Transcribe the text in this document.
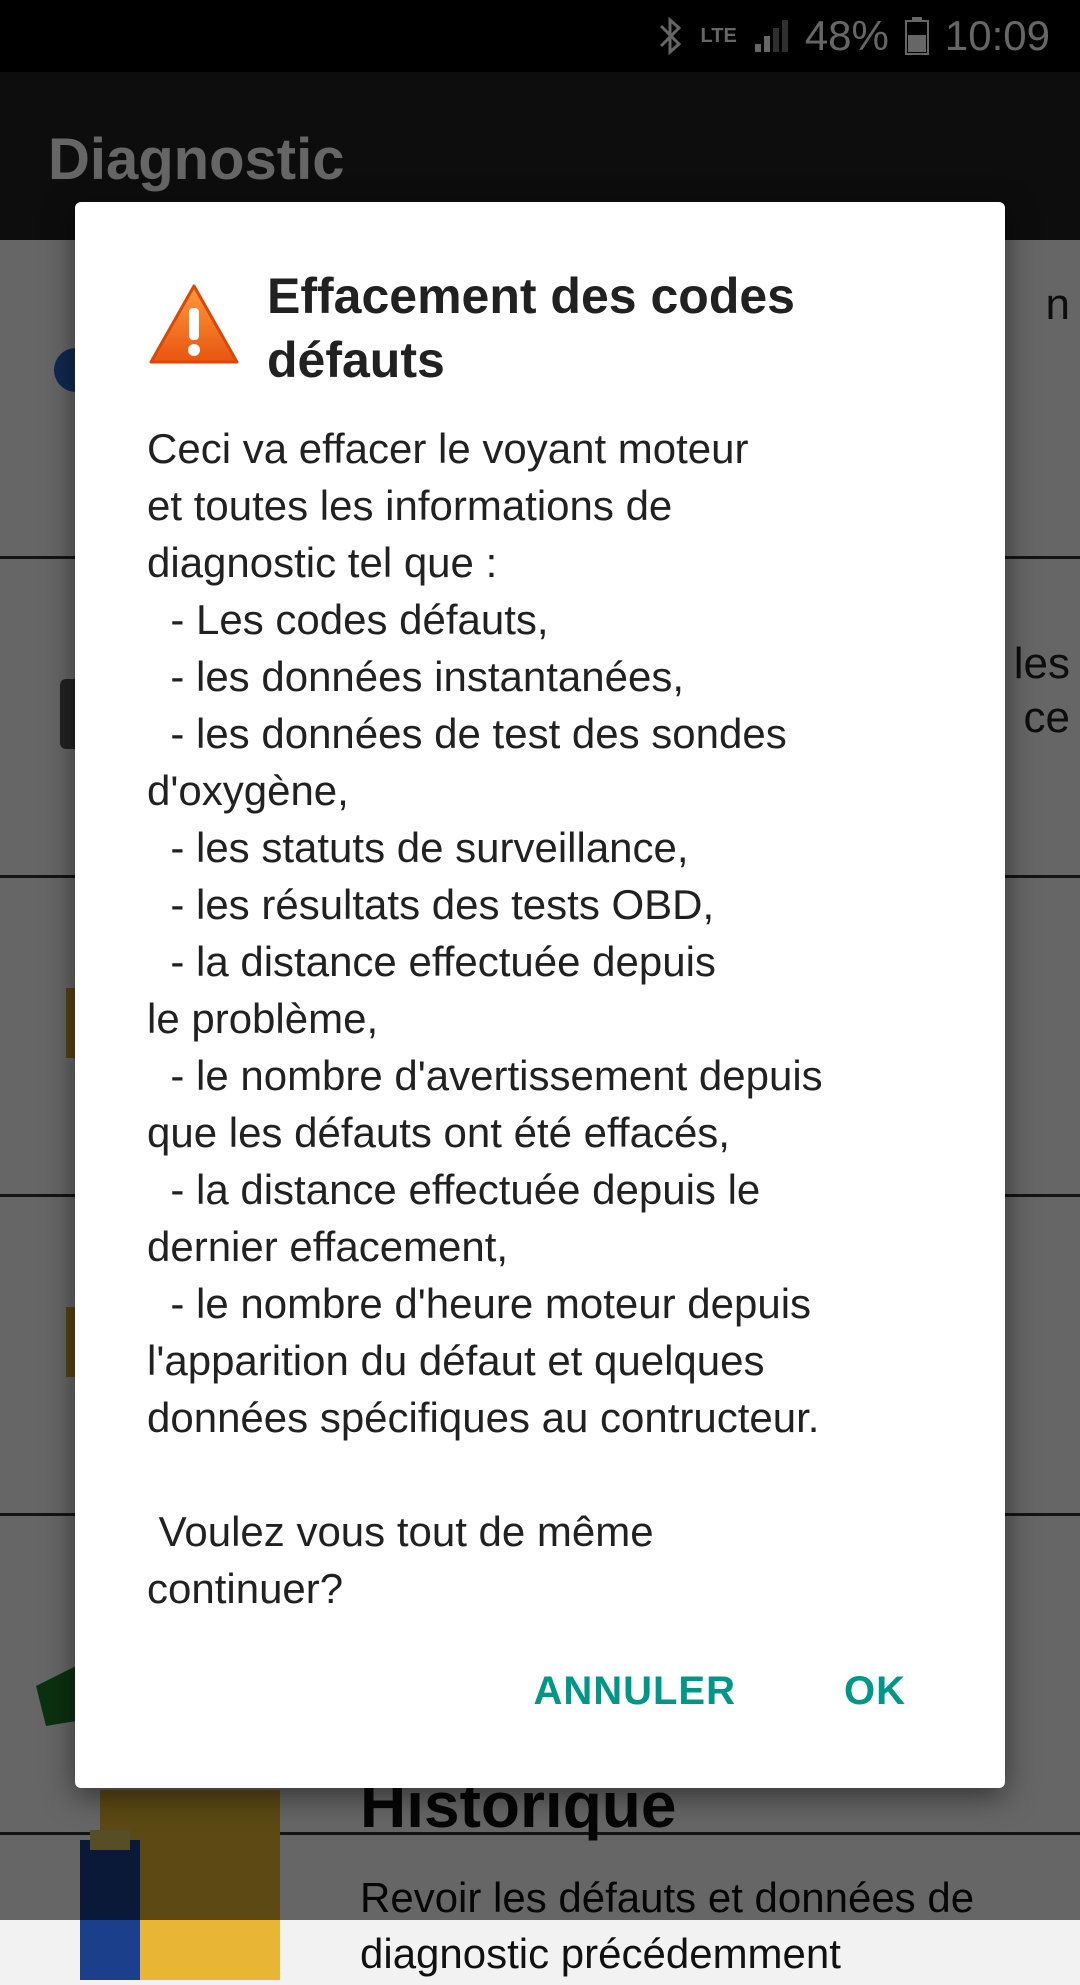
diagnostic précédemment
Effacement des codes défauts
Ceci va effacer le voyant moteur
et toutes les informations de
diagnostic tel que :
- Les codes défauts,
- les données instantanées,
- les données de test des sondes
d'oxygène,
- les statuts de surveillance,
- les résultats des tests OBD,
- la distance effectuée depuis
le problème,
- le nombre d'avertissement depuis
que les défauts ont été effacés,
- la distance effectuée depuis le
dernier effacement,
- le nombre d'heure moteur depuis
l'apparition du défaut et quelques
données spécifiques au contructeur.

Voulez vous tout de même
continuer?
ANNULER	OK
